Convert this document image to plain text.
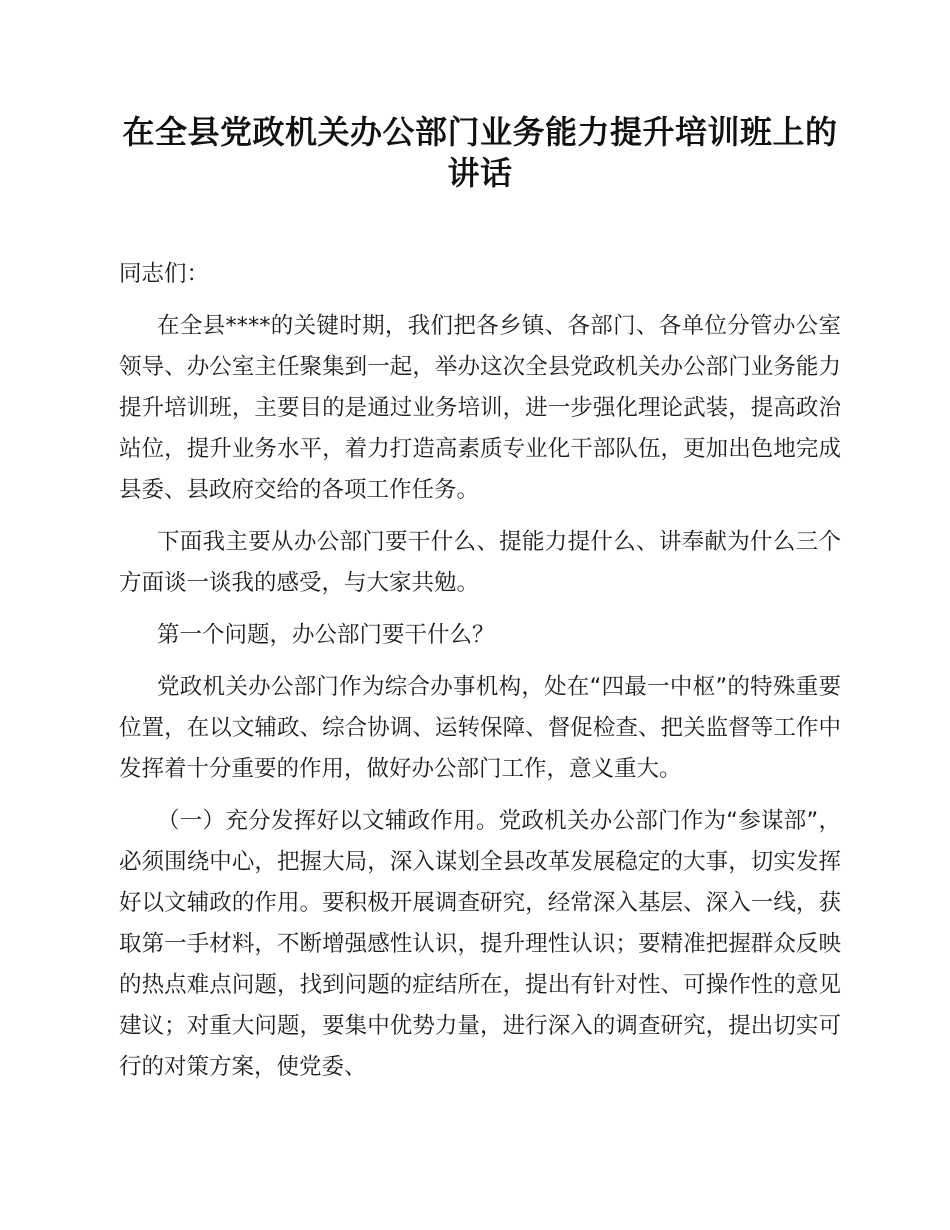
在全县党政机关办公部门业务能力提升培训班上的讲话

同志们：

在全县****的关键时期，我们把各乡镇、各部门、各单位分管办公室领导、办公室主任聚集到一起，举办这次全县党政机关办公部门业务能力提升培训班，主要目的是通过业务培训，进一步强化理论武装，提高政治站位，提升业务水平，着力打造高素质专业化干部队伍，更加出色地完成县委、县政府交给的各项工作任务。

下面我主要从办公部门要干什么、提能力提什么、讲奉献为什么三个方面谈一谈我的感受，与大家共勉。

第一个问题，办公部门要干什么？

党政机关办公部门作为综合办事机构，处在“四最一中枢”的特殊重要位置，在以文辅政、综合协调、运转保障、督促检查、把关监督等工作中发挥着十分重要的作用，做好办公部门工作，意义重大。

（一）充分发挥好以文辅政作用。党政机关办公部门作为“参谋部”，必须围绕中心，把握大局，深入谋划全县改革发展稳定的大事，切实发挥好以文辅政的作用。要积极开展调查研究，经常深入基层、深入一线，获取第一手材料，不断增强感性认识，提升理性认识；要精准把握群众反映的热点难点问题，找到问题的症结所在，提出有针对性、可操作性的意见建议；对重大问题，要集中优势力量，进行深入的调查研究，提出切实可行的对策方案，使党委、
